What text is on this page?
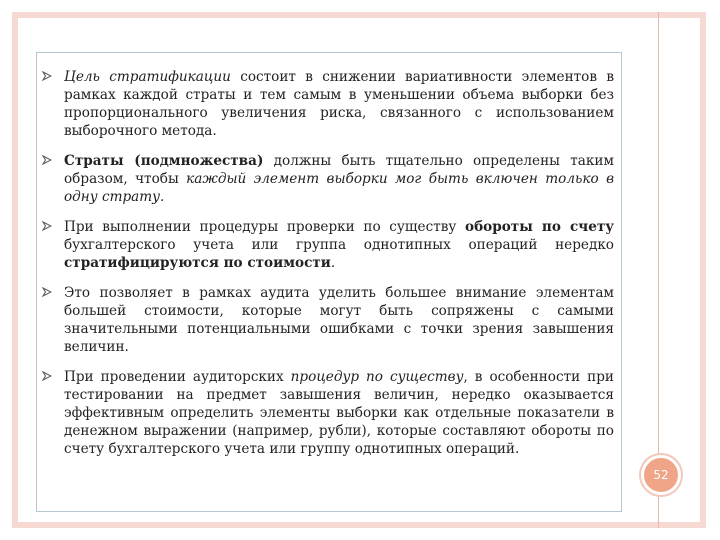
Цель стратификации состоит в снижении вариативности элементов в рамках каждой страты и тем самым в уменьшении объема выборки без пропорционального увеличения риска, связанного с использованием выборочного метода.

Страты (подмножества) должны быть тщательно определены таким образом, чтобы каждый элемент выборки мог быть включен только в одну страту.

При выполнении процедуры проверки по существу обороты по счету бухгалтерского учета или группа однотипных операций нередко стратифицируются по стоимости.

Это позволяет в рамках аудита уделить большее внимание элементам большей стоимости, которые могут быть сопряжены с самыми значительными потенциальными ошибками с точки зрения завышения величин.

При проведении аудиторских процедур по существу, в особенности при тестировании на предмет завышения величин, нередко оказывается эффективным определить элементы выборки как отдельные показатели в денежном выражении (например, рубли), которые составляют обороты по счету бухгалтерского учета или группу однотипных операций.

52
